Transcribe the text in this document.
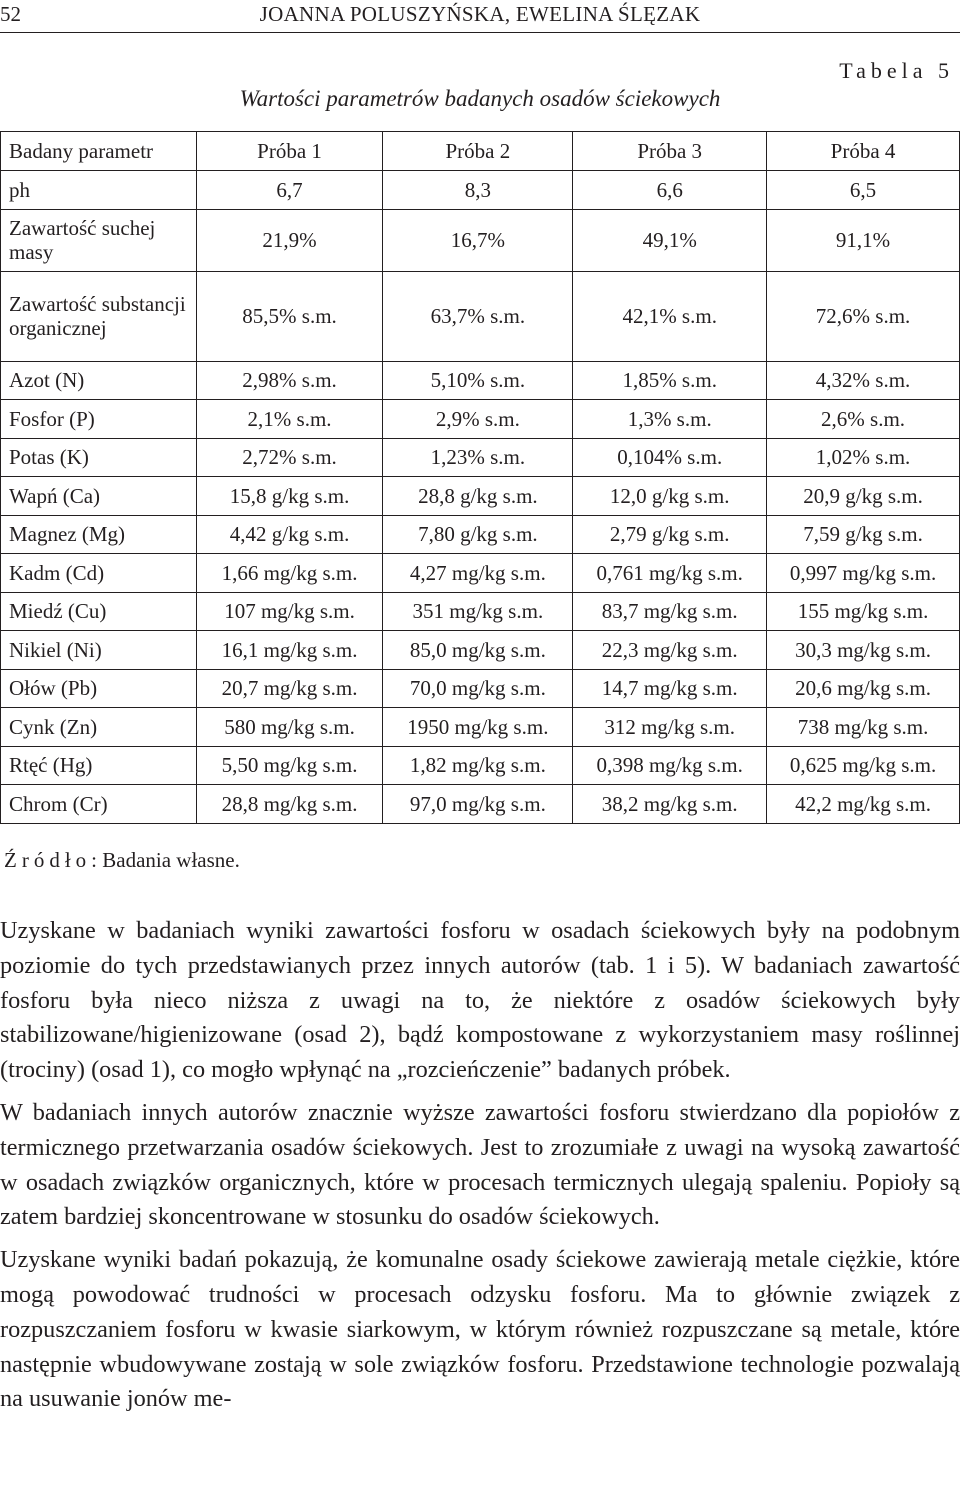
52	JOANNA POLUSZYŃSKA, EWELINA ŚLĘZAK
Tabela 5
Wartości parametrów badanych osadów ściekowych
Badany parametr	Próba 1	Próba 2	Próba 3	Próba 4
ph	6,7	8,3	6,6	6,5
Zawartość suchej masy	21,9%	16,7%	49,1%	91,1%
Zawartość substancji organicznej	85,5% s.m.	63,7% s.m.	42,1% s.m.	72,6% s.m.
Azot (N)	2,98% s.m.	5,10% s.m.	1,85% s.m.	4,32% s.m.
Fosfor (P)	2,1% s.m.	2,9% s.m.	1,3% s.m.	2,6% s.m.
Potas (K)	2,72% s.m.	1,23% s.m.	0,104% s.m.	1,02% s.m.
Wapń (Ca)	15,8 g/kg s.m.	28,8 g/kg s.m.	12,0 g/kg s.m.	20,9 g/kg s.m.
Magnez (Mg)	4,42 g/kg s.m.	7,80 g/kg s.m.	2,79 g/kg s.m.	7,59 g/kg s.m.
Kadm (Cd)	1,66 mg/kg s.m.	4,27 mg/kg s.m.	0,761 mg/kg s.m.	0,997 mg/kg s.m.
Miedź (Cu)	107 mg/kg s.m.	351 mg/kg s.m.	83,7 mg/kg s.m.	155 mg/kg s.m.
Nikiel (Ni)	16,1 mg/kg s.m.	85,0 mg/kg s.m.	22,3 mg/kg s.m.	30,3 mg/kg s.m.
Ołów (Pb)	20,7 mg/kg s.m.	70,0 mg/kg s.m.	14,7 mg/kg s.m.	20,6 mg/kg s.m.
Cynk (Zn)	580 mg/kg s.m.	1950 mg/kg s.m.	312 mg/kg s.m.	738 mg/kg s.m.
Rtęć (Hg)	5,50 mg/kg s.m.	1,82 mg/kg s.m.	0,398 mg/kg s.m.	0,625 mg/kg s.m.
Chrom (Cr)	28,8 mg/kg s.m.	97,0 mg/kg s.m.	38,2 mg/kg s.m.	42,2 mg/kg s.m.
Źródło: Badania własne.

Uzyskane w badaniach wyniki zawartości fosforu w osadach ściekowych były na podobnym poziomie do tych przedstawianych przez innych autorów (tab. 1 i 5). W badaniach zawartość fosforu była nieco niższa z uwagi na to, że niektóre z osadów ściekowych były stabilizowane/higienizowane (osad 2), bądź kompostowane z wykorzystaniem masy roślinnej (trociny) (osad 1), co mogło wpłynąć na „rozcieńczenie” badanych próbek.

W badaniach innych autorów znacznie wyższe zawartości fosforu stwierdzano dla popiołów z termicznego przetwarzania osadów ściekowych. Jest to zrozumiałe z uwagi na wysoką zawartość w osadach związków organicznych, które w procesach termicznych ulegają spaleniu. Popioły są zatem bardziej skoncentrowane w stosunku do osadów ściekowych.

Uzyskane wyniki badań pokazują, że komunalne osady ściekowe zawierają metale ciężkie, które mogą powodować trudności w procesach odzysku fosforu. Ma to głównie związek z rozpuszczaniem fosforu w kwasie siarkowym, w którym również rozpuszczane są metale, które następnie wbudowywane zostają w sole związków fosforu. Przedstawione technologie pozwalają na usuwanie jonów me-
